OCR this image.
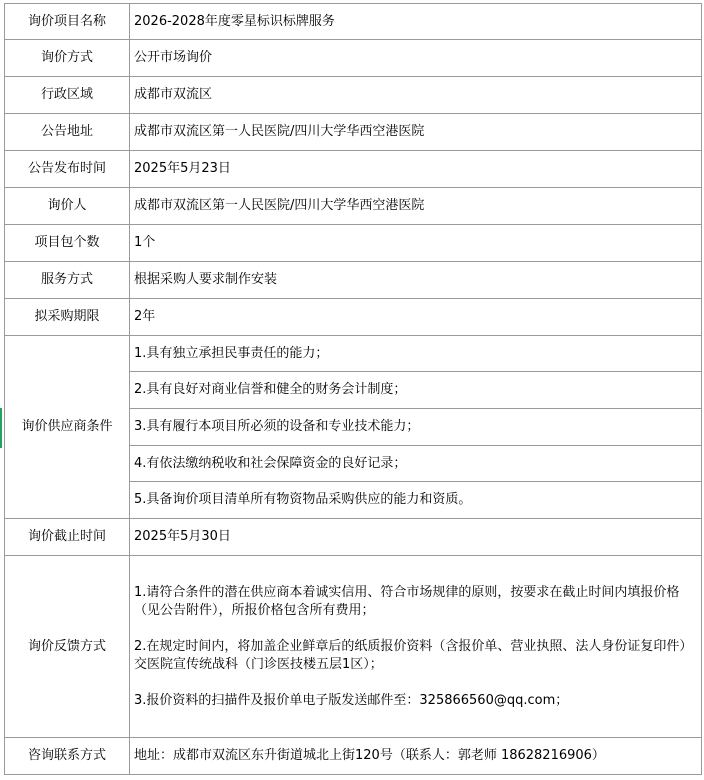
询价项目名称	2026-2028年度零星标识标牌服务
询价方式	公开市场询价
行政区域	成都市双流区
公告地址	成都市双流区第一人民医院/四川大学华西空港医院
公告发布时间	2025年5月23日
询价人	成都市双流区第一人民医院/四川大学华西空港医院
项目包个数	1个
服务方式	根据采购人要求制作安装
拟采购期限	2年
询价供应商条件	1.具有独立承担民事责任的能力；
	2.具有良好对商业信誉和健全的财务会计制度；
	3.具有履行本项目所必须的设备和专业技术能力；
	4.有依法缴纳税收和社会保障资金的良好记录；
	5.具备询价项目清单所有物资物品采购供应的能力和资质。
询价截止时间	2025年5月30日
询价反馈方式	1.请符合条件的潜在供应商本着诚实信用、符合市场规律的原则，按要求在截止时间内填报价格（见公告附件），所报价格包含所有费用；
2.在规定时间内，将加盖企业鲜章后的纸质报价资料（含报价单、营业执照、法人身份证复印件）交医院宣传统战科（门诊医技楼五层1区）；
3.报价资料的扫描件及报价单电子版发送邮件至：325866560@qq.com；

咨询联系方式	地址：成都市双流区东升街道城北上街120号（联系人：郭老师 18628216906）
